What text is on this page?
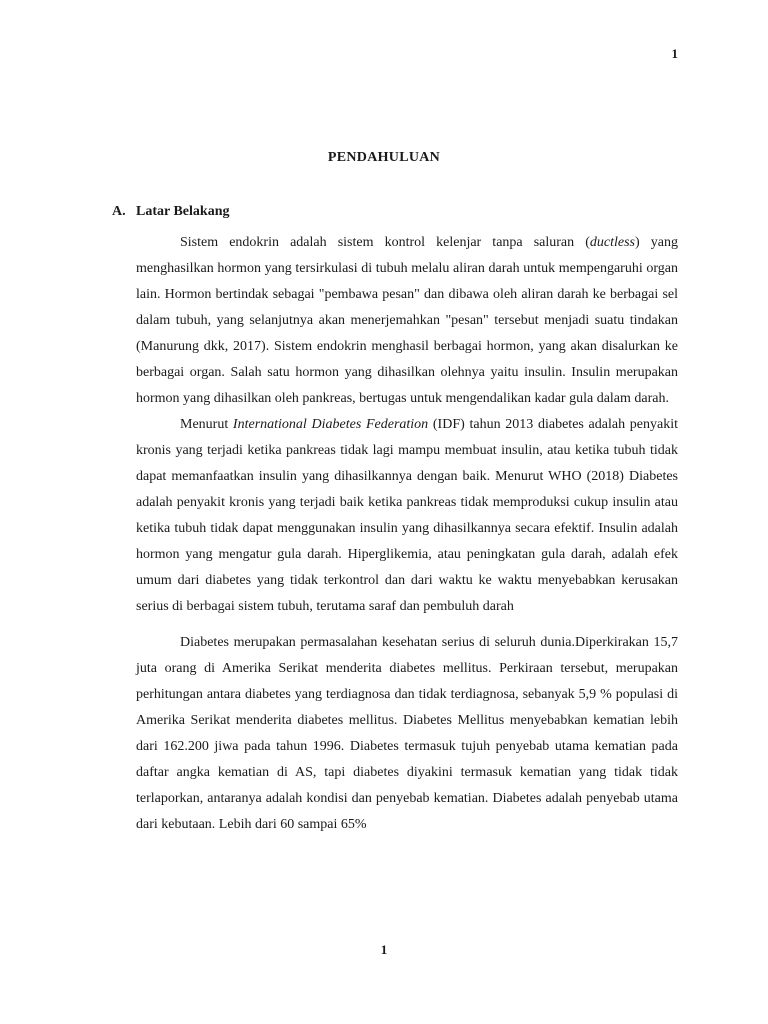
1
PENDAHULUAN
A. Latar Belakang

Sistem endokrin adalah sistem kontrol kelenjar tanpa saluran (ductless) yang menghasilkan hormon yang tersirkulasi di tubuh melalu aliran darah untuk mempengaruhi organ lain. Hormon bertindak sebagai "pembawa pesan" dan dibawa oleh aliran darah ke berbagai sel dalam tubuh, yang selanjutnya akan menerjemahkan "pesan" tersebut menjadi suatu tindakan (Manurung dkk, 2017). Sistem endokrin menghasil berbagai hormon, yang akan disalurkan ke berbagai organ. Salah satu hormon yang dihasilkan olehnya yaitu insulin. Insulin merupakan hormon yang dihasilkan oleh pankreas, bertugas untuk mengendalikan kadar gula dalam darah.

Menurut International Diabetes Federation (IDF) tahun 2013 diabetes adalah penyakit kronis yang terjadi ketika pankreas tidak lagi mampu membuat insulin, atau ketika tubuh tidak dapat memanfaatkan insulin yang dihasilkannya dengan baik. Menurut WHO (2018) Diabetes adalah penyakit kronis yang terjadi baik ketika pankreas tidak memproduksi cukup insulin atau ketika tubuh tidak dapat menggunakan insulin yang dihasilkannya secara efektif. Insulin adalah hormon yang mengatur gula darah. Hiperglikemia, atau peningkatan gula darah, adalah efek umum dari diabetes yang tidak terkontrol dan dari waktu ke waktu menyebabkan kerusakan serius di berbagai sistem tubuh, terutama saraf dan pembuluh darah

Diabetes merupakan permasalahan kesehatan serius di seluruh dunia.Diperkirakan 15,7 juta orang di Amerika Serikat menderita diabetes mellitus. Perkiraan tersebut, merupakan perhitungan antara diabetes yang terdiagnosa dan tidak terdiagnosa, sebanyak 5,9 % populasi di Amerika Serikat menderita diabetes mellitus. Diabetes Mellitus menyebabkan kematian lebih dari 162.200 jiwa pada tahun 1996. Diabetes termasuk tujuh penyebab utama kematian pada daftar angka kematian di AS, tapi diabetes diyakini termasuk kematian yang tidak tidak terlaporkan, antaranya adalah kondisi dan penyebab kematian. Diabetes adalah penyebab utama dari kebutaan. Lebih dari 60 sampai 65%

1
